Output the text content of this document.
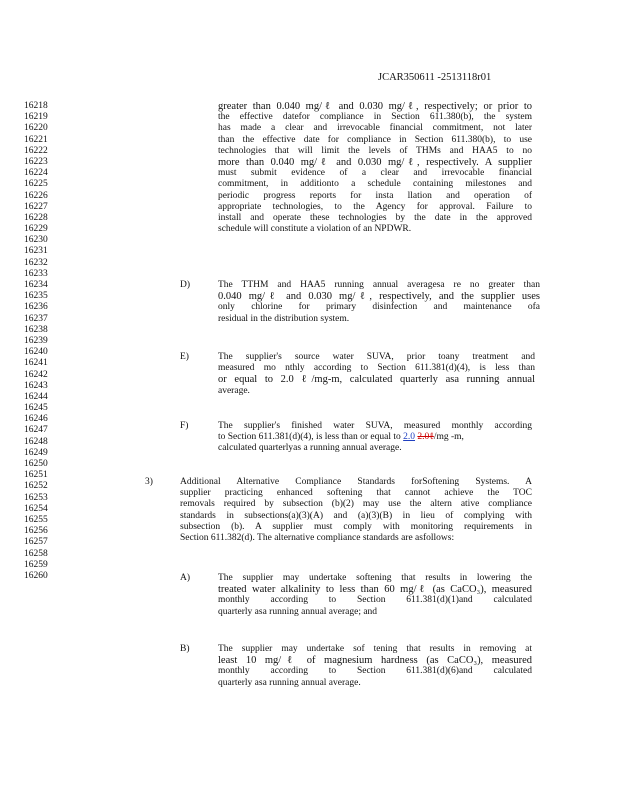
JCAR350611 -2513118r01
16218
16219
16220
16221
16222
16223
16224
16225
16226
16227
16228
16229
16230
16231
16232
16233
16234
16235
16236
16237
16238
16239
16240
16241
16242
16243
16244
16245
16246
16247
16248
16249
16250
16251
16252
16253
16254
16255
16256
16257
16258
16259
16260
greater than 0.040 mg/ℓ and 0.030 mg/ℓ, respectively; or prior to
the effective datefor compliance in Section 611.380(b), the system
has made a clear and irrevocable financial commitment, not later
than the effective date for compliance in Section 611.380(b), to use
technologies that will limit the levels of THMs and HAA5 to no
more than 0.040 mg/ℓ and 0.030 mg/ℓ, respectively. A supplier
must submit evidence of a clear and irrevocable financial
commitment, in additionto a schedule containing milestones and
periodic progress reports for insta llation and operation of
appropriate technologies, to the Agency for approval. Failure to
install and operate these technologies by the date in the approved
schedule will constitute a violation of an NPDWR.
D)	The TTHM and HAA5 running annual averagesa re no greater than
0.040 mg/ℓ and 0.030 mg/ℓ, respectively, and the supplier uses
only chlorine for primary disinfection and maintenance ofa
residual in the distribution system.
E)	The supplier's source water SUVA, prior toany treatment and
measured mo nthly according to Section 611.381(d)(4), is less than
or equal to 2.0 ℓ/mg-m, calculated quarterly asa running annual
average.
F)	The supplier's finished water SUVA, measured monthly according
to Section 611.381(d)(4), is less than or equal to 2.0 2.0ℓ/mg -m,
calculated quarterlyas a running annual average.
3)	Additional Alternative Compliance Standards forSoftening Systems. A
supplier practicing enhanced softening that cannot achieve the TOC
removals required by subsection (b)(2) may use the altern ative compliance
standards in subsections(a)(3)(A) and (a)(3)(B) in lieu of complying with
subsection (b). A supplier must comply with monitoring requirements in
Section 611.382(d). The alternative compliance standards are asfollows:
A)	The supplier may undertake softening that results in lowering the
treated water alkalinity to less than 60 mg/ℓ (as CaCO₃), measured
monthly according to Section 611.381(d)(1)and calculated
quarterly asa running annual average; and
B)	The supplier may undertake sof tening that results in removing at
least 10 mg/ℓ of magnesium hardness (as CaCO₃), measured
monthly according to Section 611.381(d)(6)and calculated
quarterly asa running annual average.
